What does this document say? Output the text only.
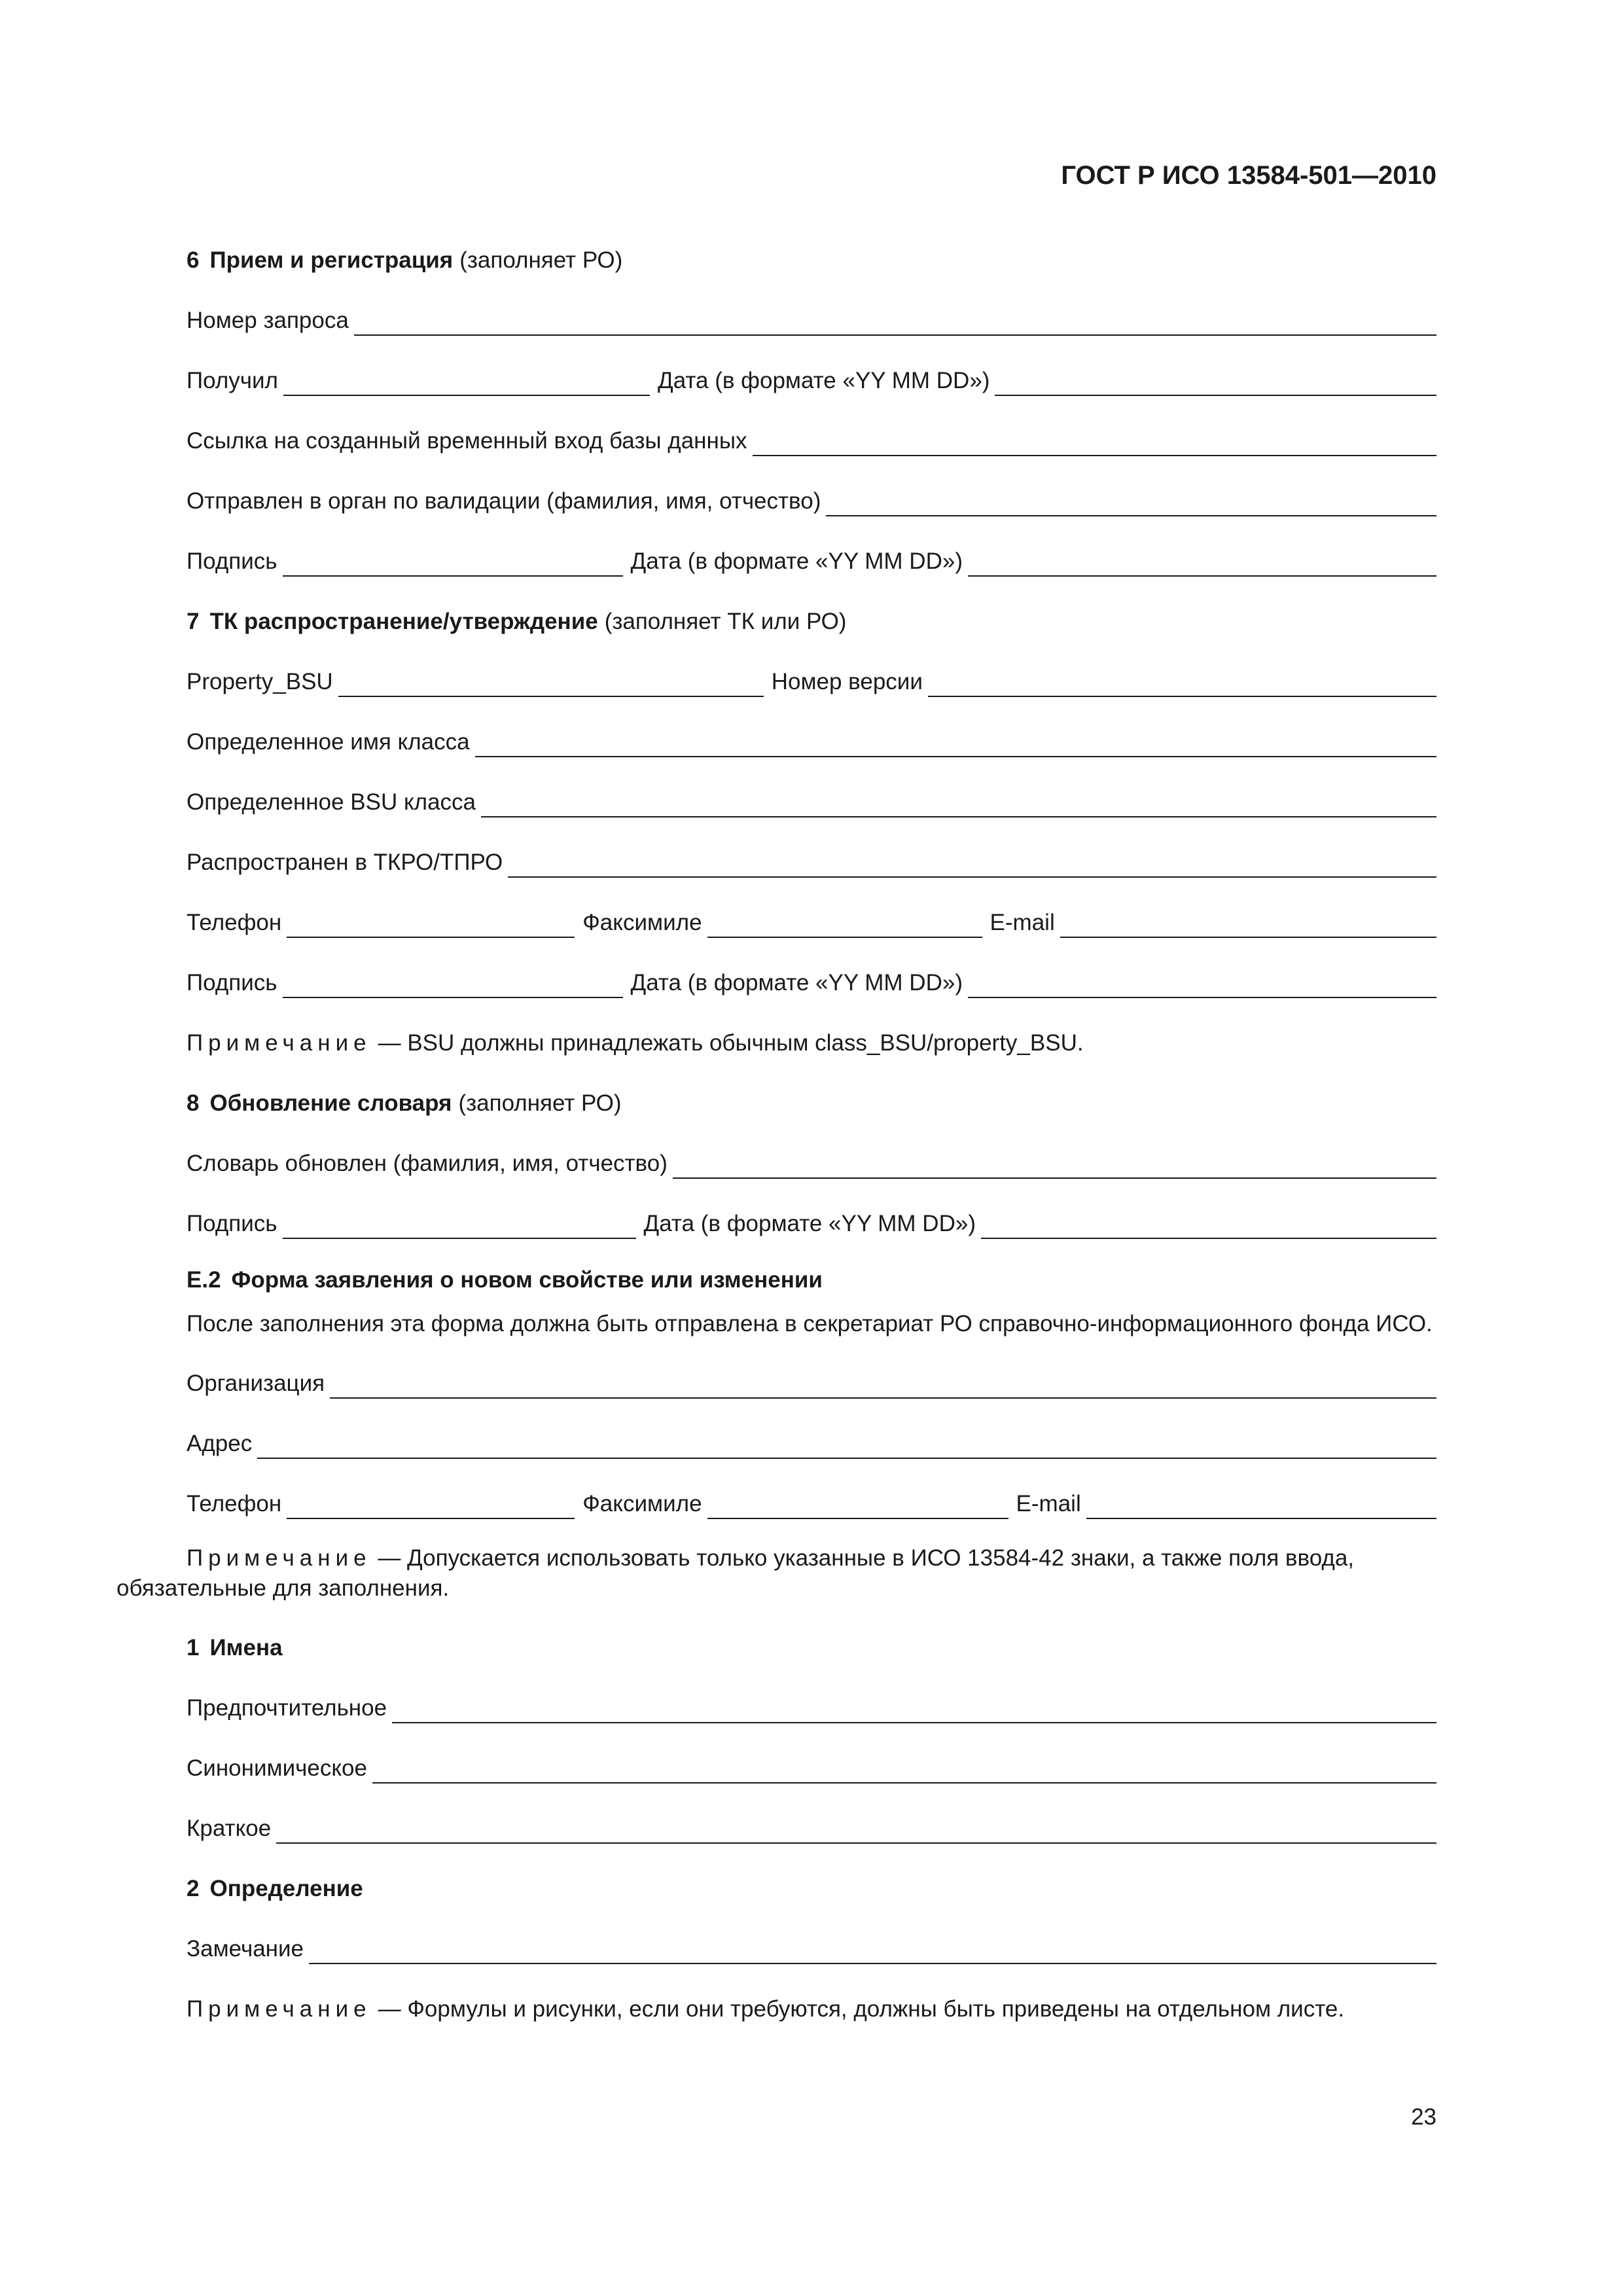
ГОСТ Р ИСО 13584-501—2010
6 Прием и регистрация (заполняет РО)
Номер запроса
Получил	Дата (в формате «YY MM DD»)
Ссылка на созданный временный вход базы данных
Отправлен в орган по валидации (фамилия, имя, отчество)
Подпись	Дата (в формате «YY MM DD»)
7 ТК распространение/утверждение (заполняет ТК или РО)
Property_BSU	Номер версии
Определенное имя класса
Определенное BSU класса
Распространен в ТКРО/ТПРО
Телефон	Факсимиле	E-mail
Подпись	Дата (в формате «YY MM DD»)
Примечание — BSU должны принадлежать обычным class_BSU/property_BSU.
8 Обновление словаря (заполняет РО)
Словарь обновлен (фамилия, имя, отчество)
Подпись	Дата (в формате «YY MM DD»)
Е.2 Форма заявления о новом свойстве или изменении
После заполнения эта форма должна быть отправлена в секретариат РО справочно-информационного фонда ИСО.
Организация
Адрес
Телефон	Факсимиле	E-mail
Примечание — Допускается использовать только указанные в ИСО 13584-42 знаки, а также поля ввода, обязательные для заполнения.
1 Имена
Предпочтительное
Синонимическое
Краткое
2 Определение
Замечание
Примечание — Формулы и рисунки, если они требуются, должны быть приведены на отдельном листе.
23
